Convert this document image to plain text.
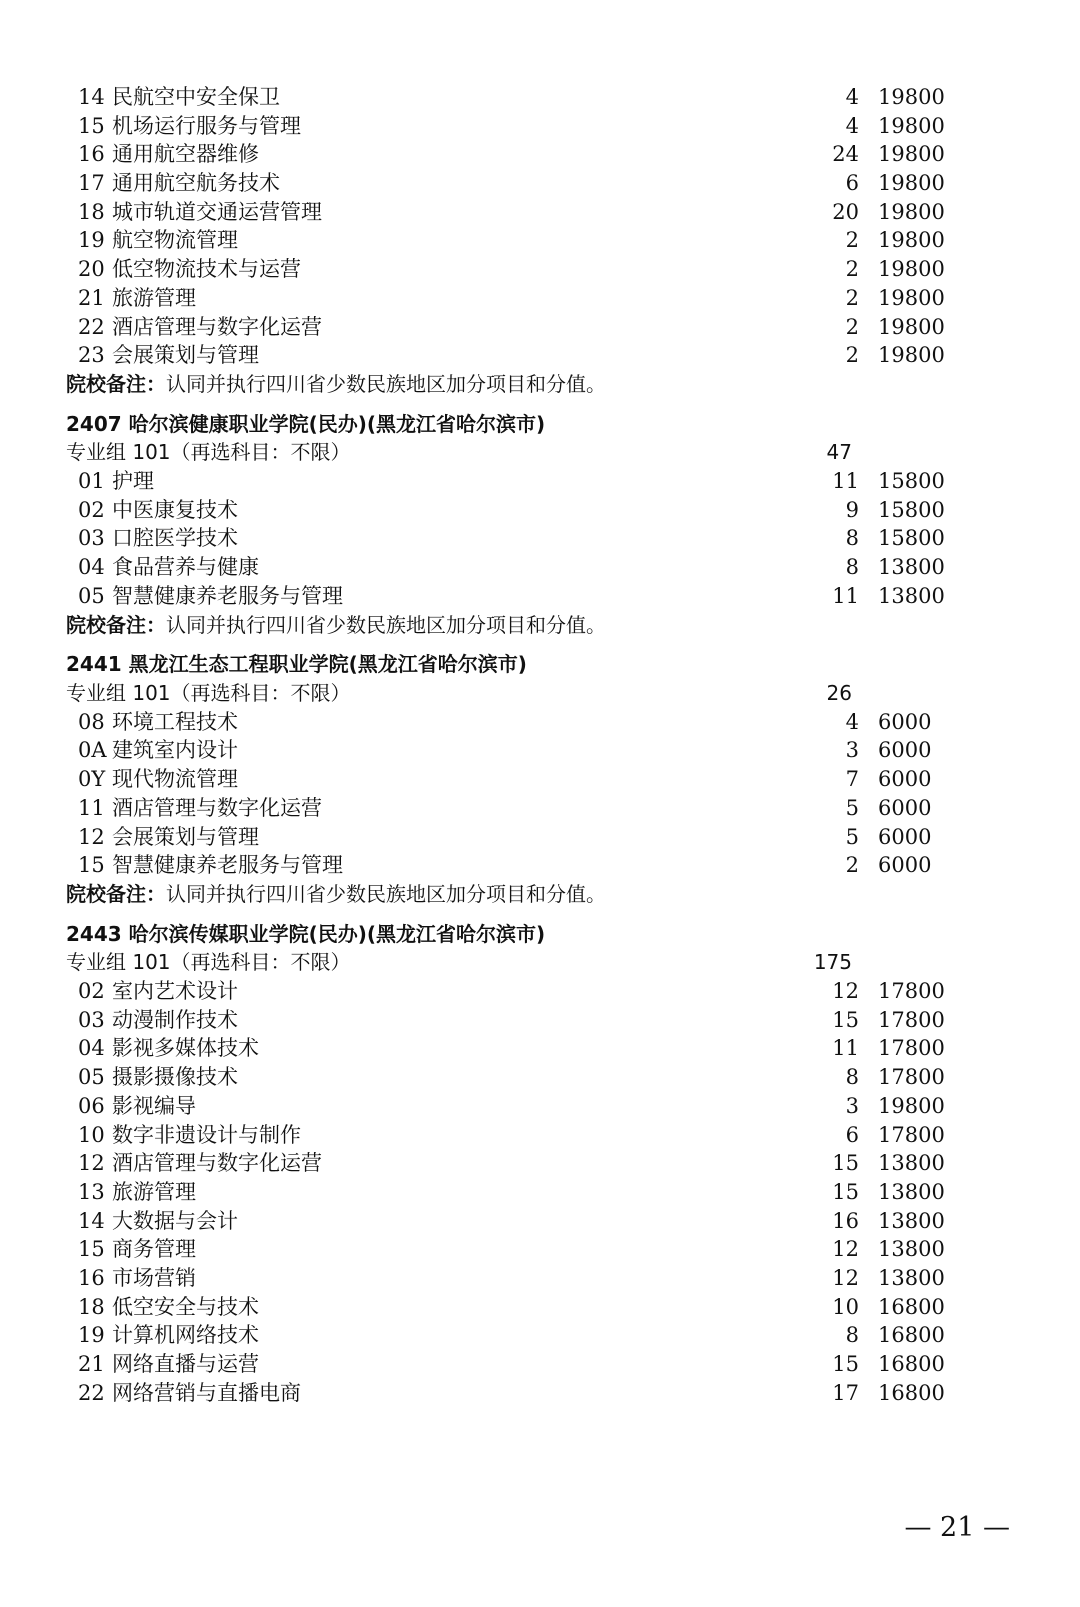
14 民航空中安全保卫	4 19800
15 机场运行服务与管理	4 19800
16 通用航空器维修	24 19800
17 通用航空航务技术	6 19800
18 城市轨道交通运营管理	20 19800
19 航空物流管理	2 19800
20 低空物流技术与运营	2 19800
21 旅游管理	2 19800
22 酒店管理与数字化运营	2 19800
23 会展策划与管理	2 19800
院校备注：认同并执行四川省少数民族地区加分项目和分值。
2407 哈尔滨健康职业学院(民办)(黑龙江省哈尔滨市)
专业组 101（再选科目：不限）	47
01 护理	11 15800
02 中医康复技术	9 15800
03 口腔医学技术	8 15800
04 食品营养与健康	8 13800
05 智慧健康养老服务与管理	11 13800
院校备注：认同并执行四川省少数民族地区加分项目和分值。
2441 黑龙江生态工程职业学院(黑龙江省哈尔滨市)
专业组 101（再选科目：不限）	26
08 环境工程技术	4 6000
0A 建筑室内设计	3 6000
0Y 现代物流管理	7 6000
11 酒店管理与数字化运营	5 6000
12 会展策划与管理	5 6000
15 智慧健康养老服务与管理	2 6000
院校备注：认同并执行四川省少数民族地区加分项目和分值。
2443 哈尔滨传媒职业学院(民办)(黑龙江省哈尔滨市)
专业组 101（再选科目：不限）	175
02 室内艺术设计	12 17800
03 动漫制作技术	15 17800
04 影视多媒体技术	11 17800
05 摄影摄像技术	8 17800
06 影视编导	3 19800
10 数字非遗设计与制作	6 17800
12 酒店管理与数字化运营	15 13800
13 旅游管理	15 13800
14 大数据与会计	16 13800
15 商务管理	12 13800
16 市场营销	12 13800
18 低空安全与技术	10 16800
19 计算机网络技术	8 16800
21 网络直播与运营	15 16800
22 网络营销与直播电商	17 16800
— 21 —
